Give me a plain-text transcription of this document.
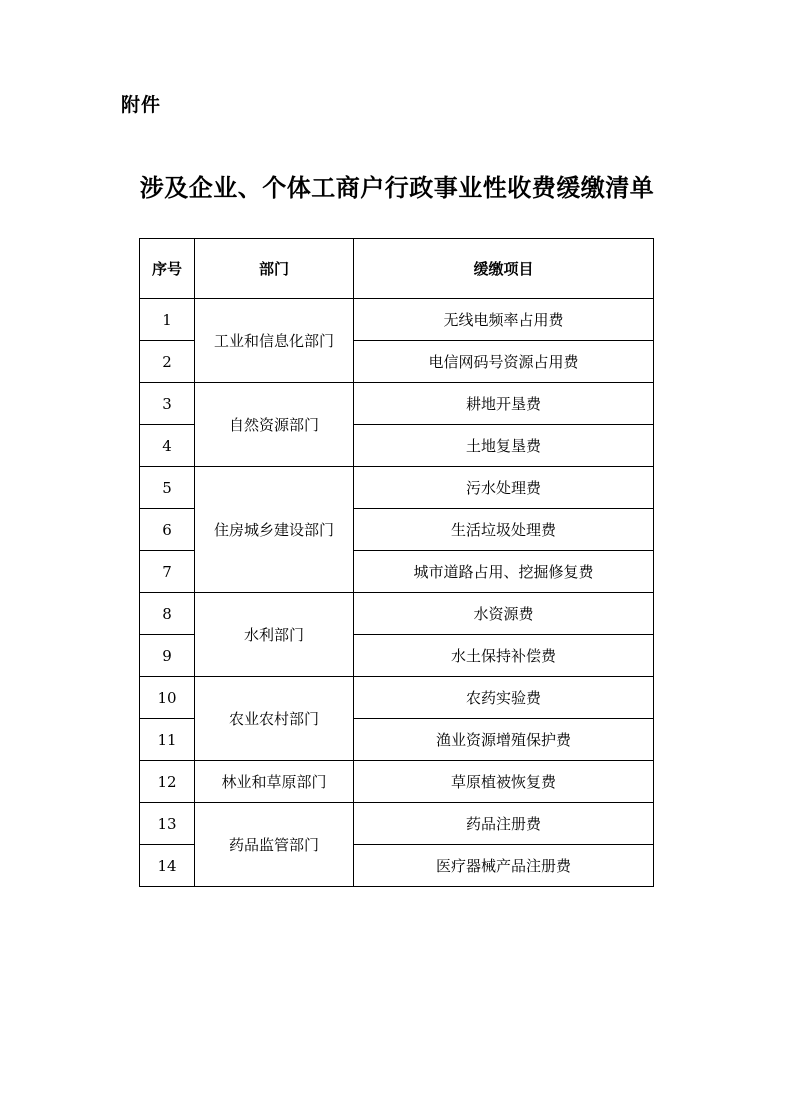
附件
涉及企业、个体工商户行政事业性收费缓缴清单
序号	部门	缓缴项目
1	工业和信息化部门	无线电频率占用费
2		电信网码号资源占用费
3	自然资源部门	耕地开垦费
4		土地复垦费
5	住房城乡建设部门	污水处理费
6		生活垃圾处理费
7		城市道路占用、挖掘修复费
8	水利部门	水资源费
9		水土保持补偿费
10	农业农村部门	农药实验费
11		渔业资源增殖保护费
12	林业和草原部门	草原植被恢复费
13	药品监管部门	药品注册费
14		医疗器械产品注册费
